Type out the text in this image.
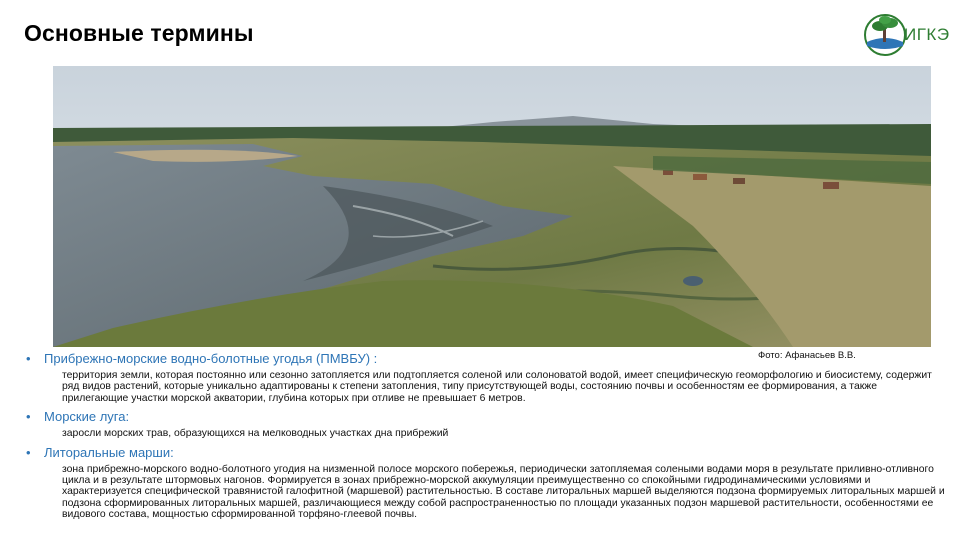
Основные термины	ИГКЭ
Фото: Афанасьев В.В.
•	Прибрежно-морские водно-болотные угодья (ПМВБУ) :
территория земли, которая постоянно или сезонно затопляется или подтопляется соленой или солоноватой водой, имеет специфическую геоморфологию и биосистему, содержит ряд видов растений, которые уникально адаптированы к степени затопления, типу присутствующей воды, состоянию почвы и особенностям ее формирования, а также прилегающие участки морской акватории, глубина которых при отливе не превышает 6 метров.
•	Морские луга:
заросли морских трав, образующихся на мелководных участках дна прибрежий
•	Литоральные марши:
зона прибрежно-морского водно-болотного угодия на низменной полосе морского побережья, периодически затопляемая солеными водами моря в результате приливно-отливного цикла и в результате штормовых нагонов. Формируется в зонах прибрежно-морской аккумуляции преимущественно со спокойными гидродинамическими условиями и характеризуется специфической травянистой галофитной (маршевой) растительностью. В составе литоральных маршей выделяются подзона формируемых литоральных маршей и подзона сформированных литоральных маршей, различающиеся между собой распространенностью по площади указанных подзон маршевой растительности, особенностями ее видового состава, мощностью сформированной торфяно-глеевой почвы.
